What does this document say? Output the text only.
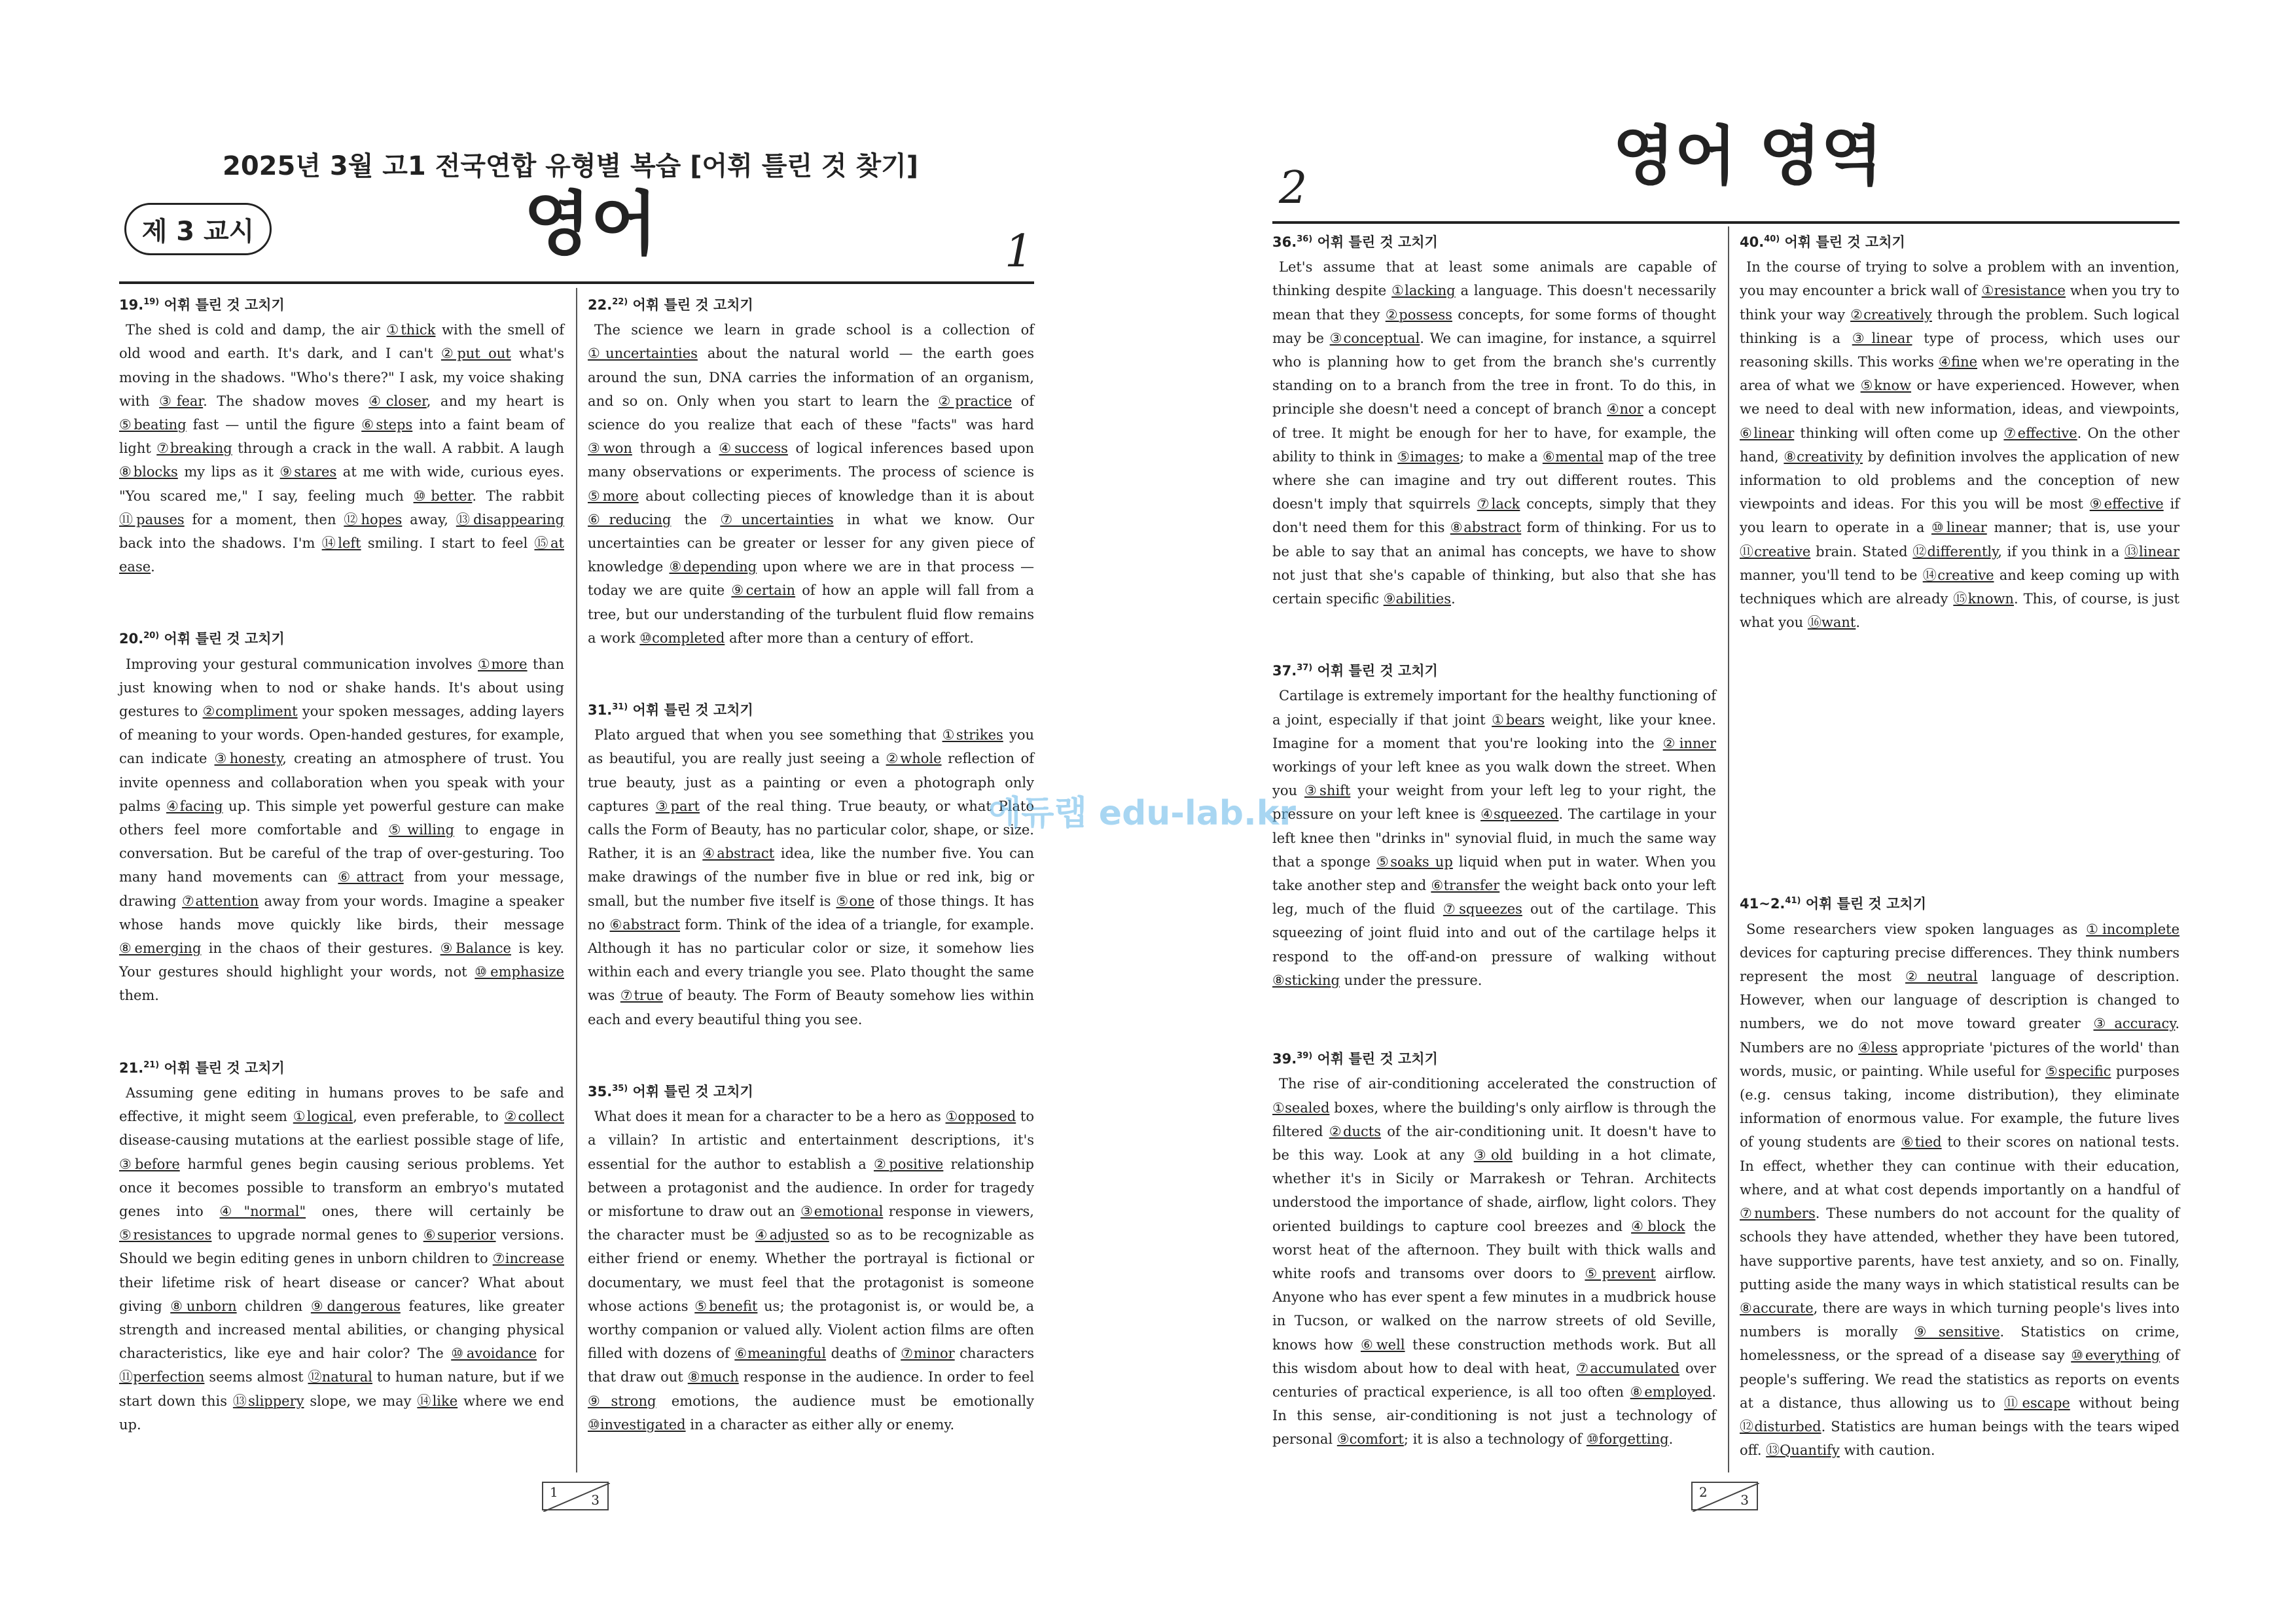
2025년 3월 고1 전국연합 유형별 복습 [어휘 틀린 것 찾기]
제 3 교시	영어	1
19.$^{19)}$ 어휘 틀린 것 고치기
The shed is cold and damp, the air ①thick with the smell of old wood and earth. It's dark, and I can't ②put out what's moving in the shadows. "Who's there?" I ask, my voice shaking with ③fear. The shadow moves ④closer, and my heart is ⑤beating fast — until the figure ⑥steps into a faint beam of light ⑦breaking through a crack in the wall. A rabbit. A laugh ⑧blocks my lips as it ⑨stares at me with wide, curious eyes. "You scared me," I say, feeling much ⑩better. The rabbit ⑪pauses for a moment, then ⑫hopes away, ⑬disappearing back into the shadows. I'm ⑭left smiling. I start to feel ⑮at ease.
20.$^{20)}$ 어휘 틀린 것 고치기
Improving your gestural communication involves ①more than just knowing when to nod or shake hands. It's about using gestures to ②compliment your spoken messages, adding layers of meaning to your words. Open-handed gestures, for example, can indicate ③honesty, creating an atmosphere of trust. You invite openness and collaboration when you speak with your palms ④facing up. This simple yet powerful gesture can make others feel more comfortable and ⑤willing to engage in conversation. But be careful of the trap of over-gesturing. Too many hand movements can ⑥attract from your message, drawing ⑦attention away from your words. Imagine a speaker whose hands move quickly like birds, their message ⑧emerging in the chaos of their gestures. ⑨Balance is key. Your gestures should highlight your words, not ⑩emphasize them.
21.$^{21)}$ 어휘 틀린 것 고치기
Assuming gene editing in humans proves to be safe and effective, it might seem ①logical, even preferable, to ②collect disease-causing mutations at the earliest possible stage of life, ③before harmful genes begin causing serious problems. Yet once it becomes possible to transform an embryo's mutated genes into ④"normal" ones, there will certainly be ⑤resistances to upgrade normal genes to ⑥superior versions. Should we begin editing genes in unborn children to ⑦increase their lifetime risk of heart disease or cancer? What about giving ⑧unborn children ⑨dangerous features, like greater strength and increased mental abilities, or changing physical characteristics, like eye and hair color? The ⑩avoidance for ⑪perfection seems almost ⑫natural to human nature, but if we start down this ⑬slippery slope, we may ⑭like where we end up.
22.$^{22)}$ 어휘 틀린 것 고치기
The science we learn in grade school is a collection of ①uncertainties about the natural world — the earth goes around the sun, DNA carries the information of an organism, and so on. Only when you start to learn the ②practice of science do you realize that each of these "facts" was hard ③won through a ④success of logical inferences based upon many observations or experiments. The process of science is ⑤more about collecting pieces of knowledge than it is about ⑥reducing the ⑦uncertainties in what we know. Our uncertainties can be greater or lesser for any given piece of knowledge ⑧depending upon where we are in that process — today we are quite ⑨certain of how an apple will fall from a tree, but our understanding of the turbulent fluid flow remains a work ⑩completed after more than a century of effort.
31.$^{31)}$ 어휘 틀린 것 고치기
Plato argued that when you see something that ①strikes you as beautiful, you are really just seeing a ②whole reflection of true beauty, just as a painting or even a photograph only captures ③part of the real thing. True beauty, or what Plato calls the Form of Beauty, has no particular color, shape, or size. Rather, it is an ④abstract idea, like the number five. You can make drawings of the number five in blue or red ink, big or small, but the number five itself is ⑤one of those things. It has no ⑥abstract form. Think of the idea of a triangle, for example. Although it has no particular color or size, it somehow lies within each and every triangle you see. Plato thought the same was ⑦true of beauty. The Form of Beauty somehow lies within each and every beautiful thing you see.
35.$^{35)}$ 어휘 틀린 것 고치기
What does it mean for a character to be a hero as ①opposed to a villain? In artistic and entertainment descriptions, it's essential for the author to establish a ②positive relationship between a protagonist and the audience. In order for tragedy or misfortune to draw out an ③emotional response in viewers, the character must be ④adjusted so as to be recognizable as either friend or enemy. Whether the portrayal is fictional or documentary, we must feel that the protagonist is someone whose actions ⑤benefit us; the protagonist is, or would be, a worthy companion or valued ally. Violent action films are often filled with dozens of ⑥meaningful deaths of ⑦minor characters that draw out ⑧much response in the audience. In order to feel ⑨strong emotions, the audience must be emotionally ⑩investigated in a character as either ally or enemy.
1	3
영어 영역
2
36.$^{36)}$ 어휘 틀린 것 고치기
Let's assume that at least some animals are capable of thinking despite ①lacking a language. This doesn't necessarily mean that they ②possess concepts, for some forms of thought may be ③conceptual. We can imagine, for instance, a squirrel who is planning how to get from the branch she's currently standing on to a branch from the tree in front. To do this, in principle she doesn't need a concept of branch ④nor a concept of tree. It might be enough for her to have, for example, the ability to think in ⑤images; to make a ⑥mental map of the tree where she can imagine and try out different routes. This doesn't imply that squirrels ⑦lack concepts, simply that they don't need them for this ⑧abstract form of thinking. For us to be able to say that an animal has concepts, we have to show not just that she's capable of thinking, but also that she has certain specific ⑨abilities.
37.$^{37)}$ 어휘 틀린 것 고치기
Cartilage is extremely important for the healthy functioning of a joint, especially if that joint ①bears weight, like your knee. Imagine for a moment that you're looking into the ②inner workings of your left knee as you walk down the street. When you ③shift your weight from your left leg to your right, the pressure on your left knee is ④squeezed. The cartilage in your left knee then "drinks in" synovial fluid, in much the same way that a sponge ⑤soaks up liquid when put in water. When you take another step and ⑥transfer the weight back onto your left leg, much of the fluid ⑦squeezes out of the cartilage. This squeezing of joint fluid into and out of the cartilage helps it respond to the off-and-on pressure of walking without ⑧sticking under the pressure.
39.$^{39)}$ 어휘 틀린 것 고치기
The rise of air-conditioning accelerated the construction of ①sealed boxes, where the building's only airflow is through the filtered ②ducts of the air-conditioning unit. It doesn't have to be this way. Look at any ③old building in a hot climate, whether it's in Sicily or Marrakesh or Tehran. Architects understood the importance of shade, airflow, light colors. They oriented buildings to capture cool breezes and ④block the worst heat of the afternoon. They built with thick walls and white roofs and transoms over doors to ⑤prevent airflow. Anyone who has ever spent a few minutes in a mudbrick house in Tucson, or walked on the narrow streets of old Seville, knows how ⑥well these construction methods work. But all this wisdom about how to deal with heat, ⑦accumulated over centuries of practical experience, is all too often ⑧employed. In this sense, air-conditioning is not just a technology of personal ⑨comfort; it is also a technology of ⑩forgetting.
40.$^{40)}$ 어휘 틀린 것 고치기
In the course of trying to solve a problem with an invention, you may encounter a brick wall of ①resistance when you try to think your way ②creatively through the problem. Such logical thinking is a ③linear type of process, which uses our reasoning skills. This works ④fine when we're operating in the area of what we ⑤know or have experienced. However, when we need to deal with new information, ideas, and viewpoints, ⑥linear thinking will often come up ⑦effective. On the other hand, ⑧creativity by definition involves the application of new information to old problems and the conception of new viewpoints and ideas. For this you will be most ⑨effective if you learn to operate in a ⑩linear manner; that is, use your ⑪creative brain. Stated ⑫differently, if you think in a ⑬linear manner, you'll tend to be ⑭creative and keep coming up with techniques which are already ⑮known. This, of course, is just what you ⑯want.
41~2.$^{41)}$ 어휘 틀린 것 고치기
Some researchers view spoken languages as ①incomplete devices for capturing precise differences. They think numbers represent the most ②neutral language of description. However, when our language of description is changed to numbers, we do not move toward greater ③accuracy. Numbers are no ④less appropriate 'pictures of the world' than words, music, or painting. While useful for ⑤specific purposes (e.g. census taking, income distribution), they eliminate information of enormous value. For example, the future lives of young students are ⑥tied to their scores on national tests. In effect, whether they can continue with their education, where, and at what cost depends importantly on a handful of ⑦numbers. These numbers do not account for the quality of schools they have attended, whether they have been tutored, have supportive parents, have test anxiety, and so on. Finally, putting aside the many ways in which statistical results can be ⑧accurate, there are ways in which turning people's lives into numbers is morally ⑨sensitive. Statistics on crime, homelessness, or the spread of a disease say ⑩everything of people's suffering. We read the statistics as reports on events at a distance, thus allowing us to ⑪escape without being ⑫disturbed. Statistics are human beings with the tears wiped off. ⑬Quantify with caution.
2	3
에듀랩 edu-lab.kr
